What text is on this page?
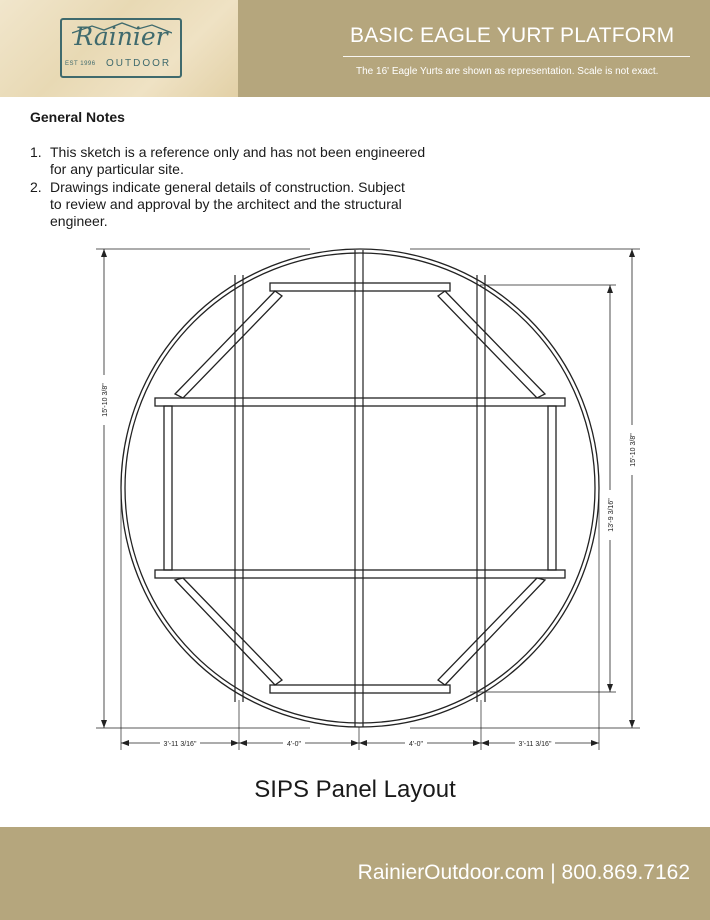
Rainier
EST 1996 OUTDOOR
BASIC EAGLE YURT PLATFORM
The 16' Eagle Yurts are shown as representation. Scale is not exact.
General Notes
1. This sketch is a reference only and has not been engineered for any particular site.
2. Drawings indicate general details of construction. Subject to review and approval by the architect and the structural engineer.
15'-10 3/8"
15'-10 3/8"
13'-9 3/16"
3'-11 3/16"	4'-0"	4'-0"	3'-11 3/16"
SIPS Panel Layout
RainierOutdoor.com | 800.869.7162
